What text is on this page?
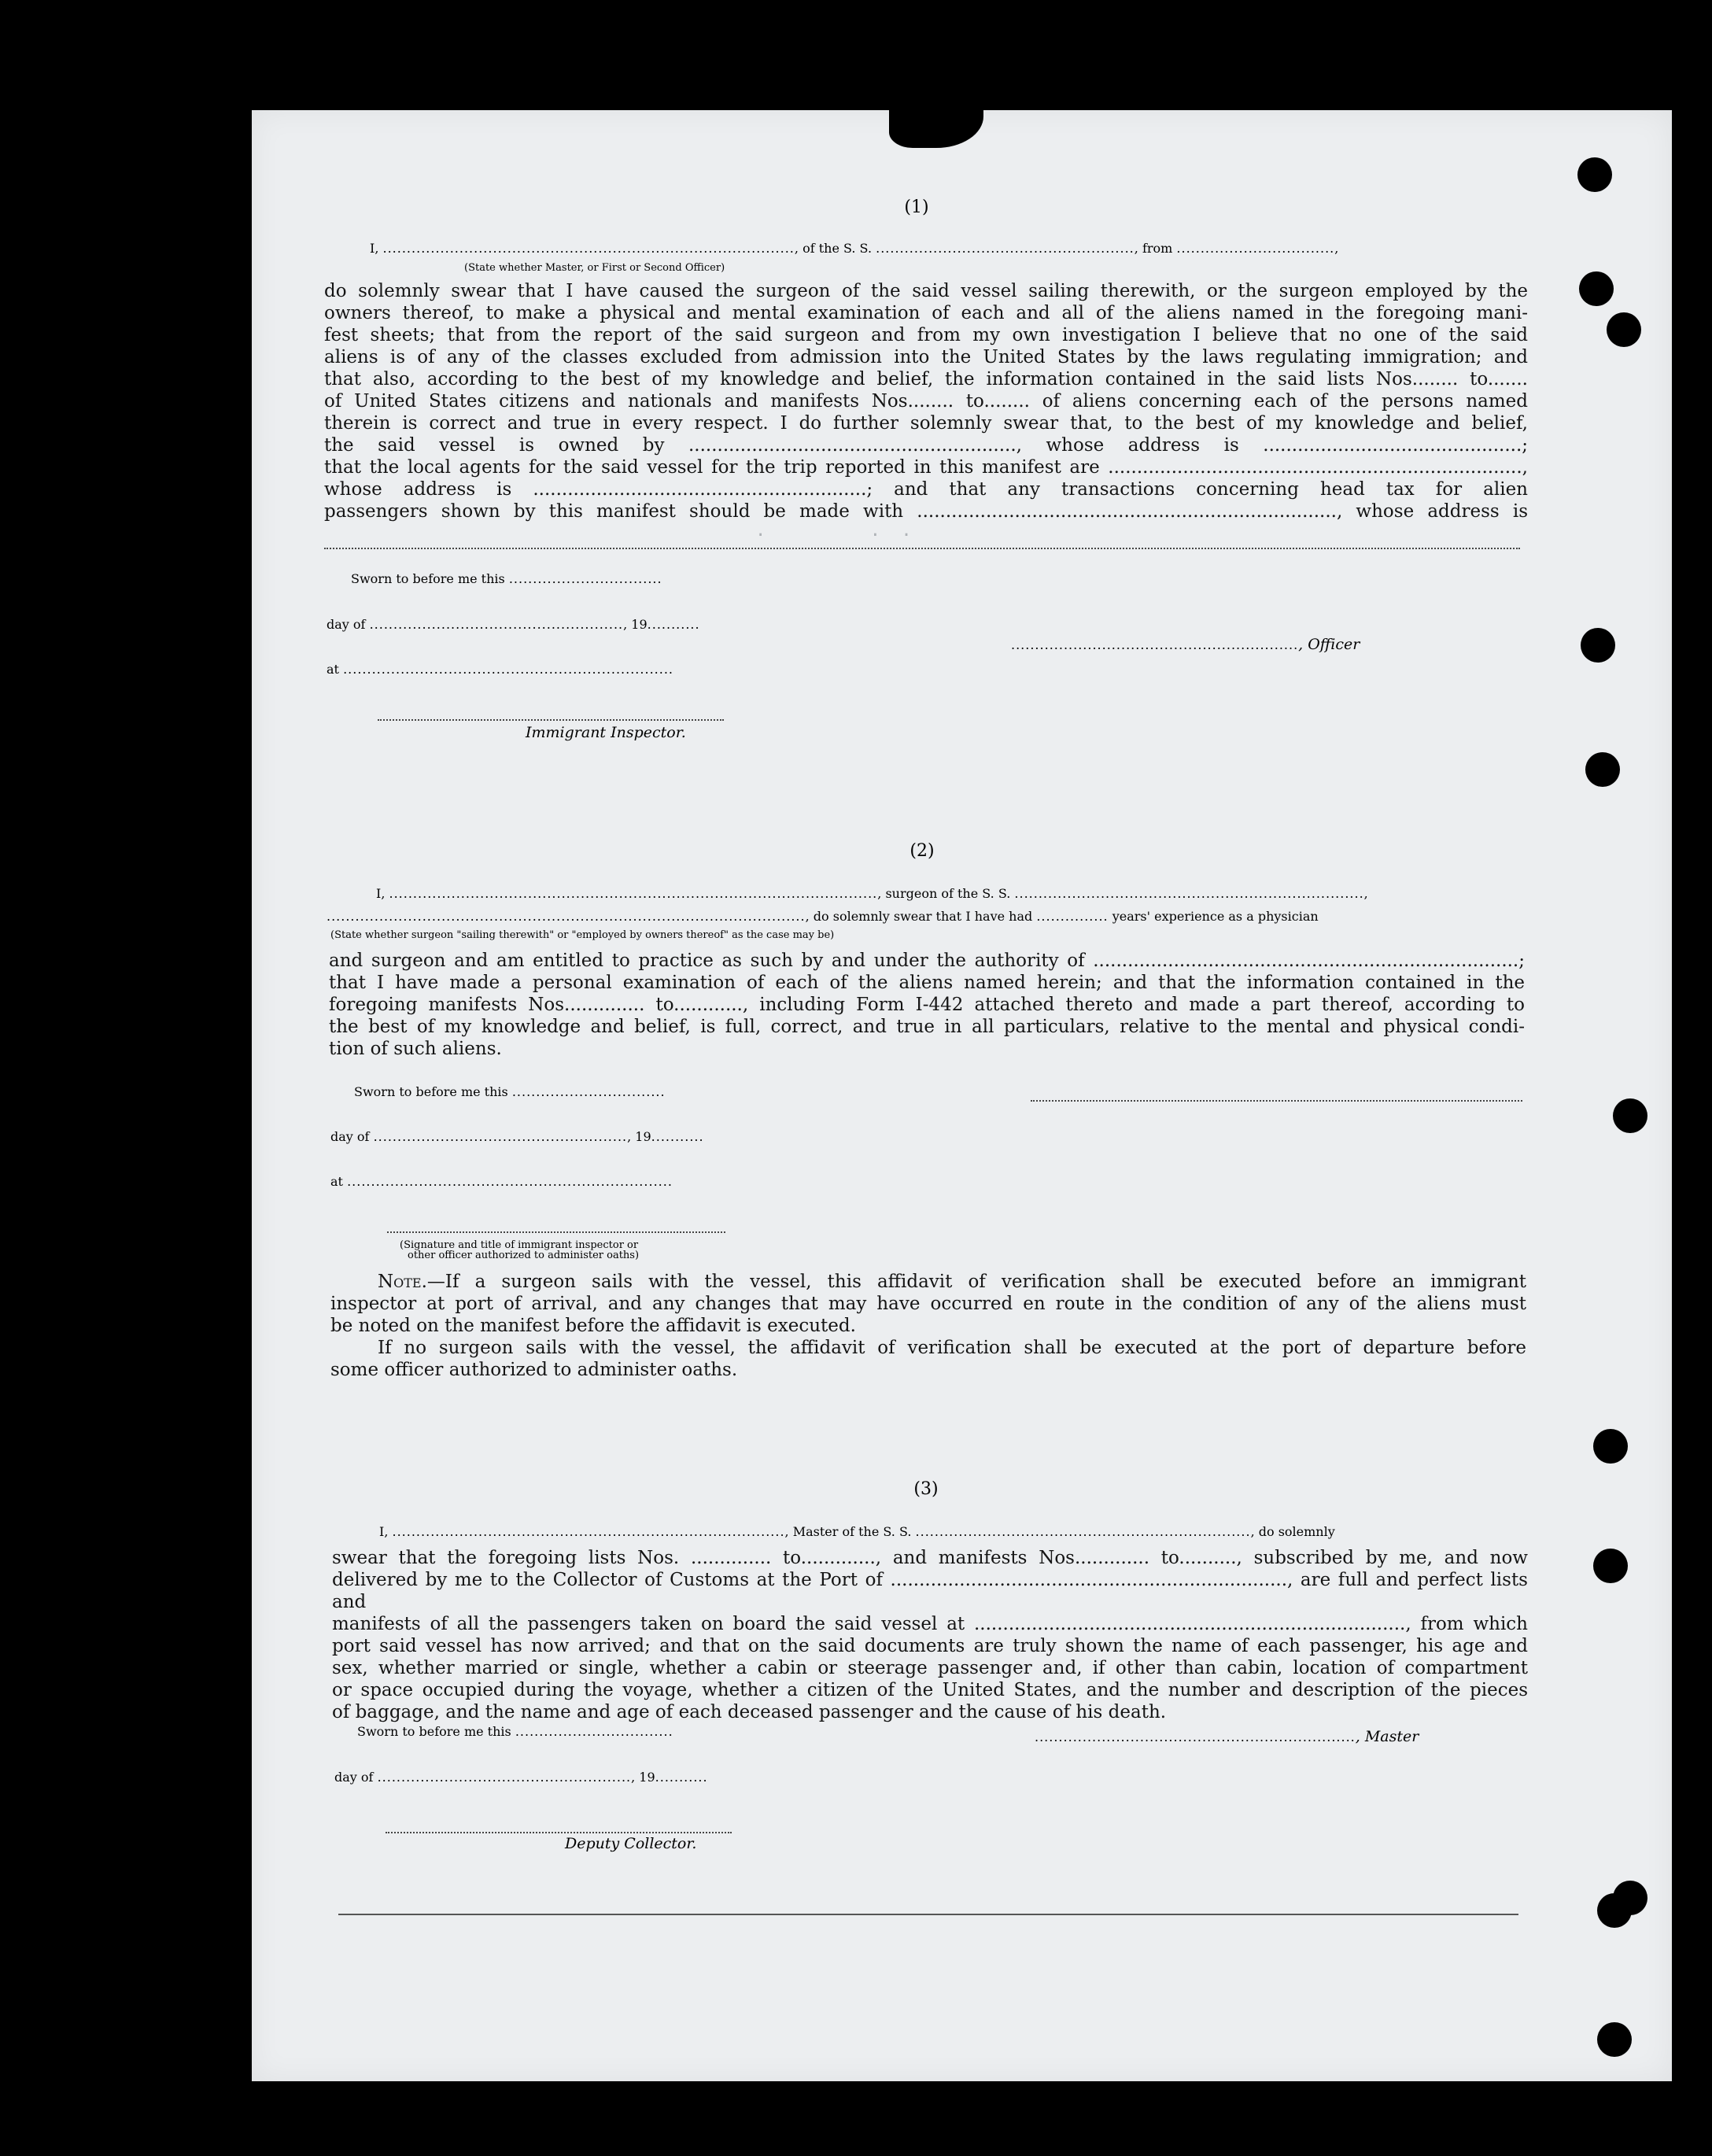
·  ·          ·
(1)
I, ......................................................................................, of the S. S. ......................................................, from .................................,
(State whether Master, or First or Second Officer)

do solemnly swear that I have caused the surgeon of the said vessel sailing therewith, or the surgeon employed by the

owners thereof, to make a physical and mental examination of each and all of the aliens named in the foregoing mani-

fest sheets; that from the report of the said surgeon and from my own investigation I believe that no one of the said

aliens is of any of the classes excluded from admission into the United States by the laws regulating immigration; and

that also, according to the best of my knowledge and belief, the information contained in the said lists Nos........ to.......

of United States citizens and nationals and manifests Nos........ to........ of aliens concerning each of the persons named

therein is correct and true in every respect. I do further solemnly swear that, to the best of my knowledge and belief,

the said vessel is owned by ........................................................., whose address is .............................................;

that the local agents for the said vessel for the trip reported in this manifest are ........................................................................,

whose address is ..........................................................; and that any transactions concerning head tax for alien

passengers shown by this manifest should be made with ........................................................................., whose address is

Sworn to before me this ................................
day of ....................................................., 19...........
............................................................, Officer
at .....................................................................
Immigrant Inspector.
(2)
I, ......................................................................................................, surgeon of the S. S. .........................................................................,
...................................................................................................., do solemnly swear that I have had ............... years' experience as a physician
(State whether surgeon "sailing therewith" or "employed by owners thereof" as the case may be)

and surgeon and am entitled to practice as such by and under the authority of ..........................................................................;

that I have made a personal examination of each of the aliens named herein; and that the information contained in the

foregoing manifests Nos.............. to............, including Form I-442 attached thereto and made a part thereof, according to

the best of my knowledge and belief, is full, correct, and true in all particulars, relative to the mental and physical condi-

tion of such aliens.

Sworn to before me this ................................
day of ....................................................., 19...........
at ....................................................................
(Signature and title of immigrant inspector or
other officer authorized to administer oaths)

Note.—If a surgeon sails with the vessel, this affidavit of verification shall be executed before an immigrant

inspector at port of arrival, and any changes that may have occurred en route in the condition of any of the aliens must

be noted on the manifest before the affidavit is executed.

If no surgeon sails with the vessel, the affidavit of verification shall be executed at the port of departure before

some officer authorized to administer oaths.

(3)
I, .................................................................................., Master of the S. S. ......................................................................, do solemnly

swear that the foregoing lists Nos. .............. to............., and manifests Nos............. to.........., subscribed by me, and now

delivered by me to the Collector of Customs at the Port of ....................................................................., are full and perfect lists and

manifests of all the passengers taken on board the said vessel at ..........................................................................., from which

port said vessel has now arrived; and that on the said documents are truly shown the name of each passenger, his age and

sex, whether married or single, whether a cabin or steerage passenger and, if other than cabin, location of compartment

or space occupied during the voyage, whether a citizen of the United States, and the number and description of the pieces

of baggage, and the name and age of each deceased passenger and the cause of his death.

Sworn to before me this .................................	..................................................................., Master
day of ....................................................., 19...........
Deputy Collector.
